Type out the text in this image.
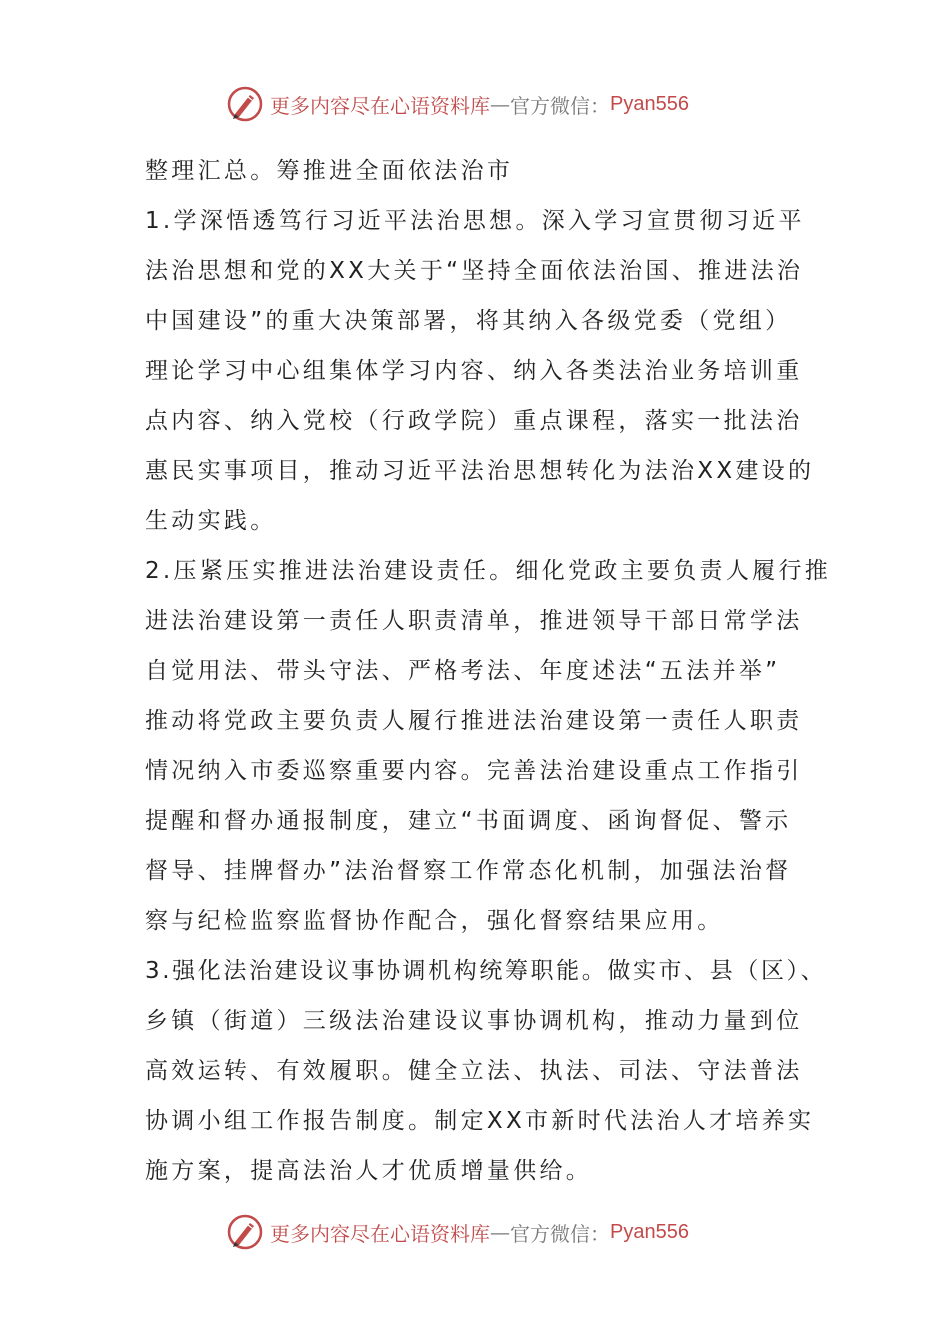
更多内容尽在心语资料库 — 官方微信： Pyan556
整理汇总。筹推进全面依法治市
1.学深悟透笃行习近平法治思想。深入学习宣贯彻习近平
法治思想和党的XX大关于“坚持全面依法治国、推进法治
中国建设”的重大决策部署，将其纳入各级党委（党组）
理论学习中心组集体学习内容、纳入各类法治业务培训重
点内容、纳入党校（行政学院）重点课程，落实一批法治
惠民实事项目，推动习近平法治思想转化为法治XX建设的
生动实践。
2.压紧压实推进法治建设责任。细化党政主要负责人履行推
进法治建设第一责任人职责清单，推进领导干部日常学法
自觉用法、带头守法、严格考法、年度述法“五法并举”
推动将党政主要负责人履行推进法治建设第一责任人职责
情况纳入市委巡察重要内容。完善法治建设重点工作指引
提醒和督办通报制度，建立“书面调度、函询督促、警示
督导、挂牌督办”法治督察工作常态化机制，加强法治督
察与纪检监察监督协作配合，强化督察结果应用。
3.强化法治建设议事协调机构统筹职能。做实市、县（区）、
乡镇（街道）三级法治建设议事协调机构，推动力量到位
高效运转、有效履职。健全立法、执法、司法、守法普法
协调小组工作报告制度。制定XX市新时代法治人才培养实
施方案，提高法治人才优质增量供给。
更多内容尽在心语资料库 — 官方微信： Pyan556
